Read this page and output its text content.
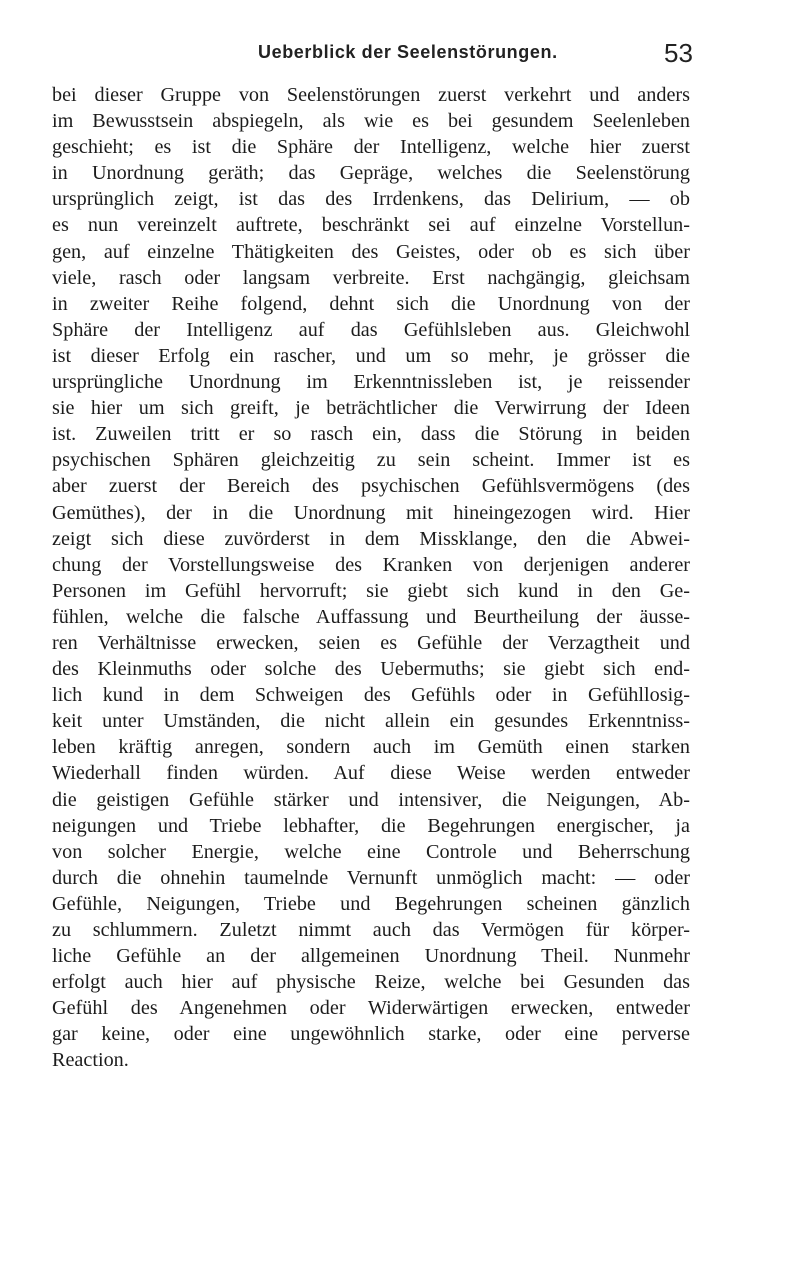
Ueberblick der Seelenstörungen.	53
bei dieser Gruppe von Seelenstörungen zuerst verkehrt und anders
im Bewusstsein abspiegeln, als wie es bei gesundem Seelenleben
geschieht; es ist die Sphäre der Intelligenz, welche hier zuerst
in Unordnung geräth; das Gepräge, welches die Seelenstörung
ursprünglich zeigt, ist das des Irrdenkens, das Delirium, — ob
es nun vereinzelt auftrete, beschränkt sei auf einzelne Vorstellun-
gen, auf einzelne Thätigkeiten des Geistes, oder ob es sich über
viele, rasch oder langsam verbreite. Erst nachgängig, gleichsam
in zweiter Reihe folgend, dehnt sich die Unordnung von der
Sphäre der Intelligenz auf das Gefühlsleben aus. Gleichwohl
ist dieser Erfolg ein rascher, und um so mehr, je grösser die
ursprüngliche Unordnung im Erkenntnissleben ist, je reissender
sie hier um sich greift, je beträchtlicher die Verwirrung der Ideen
ist. Zuweilen tritt er so rasch ein, dass die Störung in beiden
psychischen Sphären gleichzeitig zu sein scheint. Immer ist es
aber zuerst der Bereich des psychischen Gefühlsvermögens (des
Gemüthes), der in die Unordnung mit hineingezogen wird. Hier
zeigt sich diese zuvörderst in dem Missklange, den die Abwei-
chung der Vorstellungsweise des Kranken von derjenigen anderer
Personen im Gefühl hervorruft; sie giebt sich kund in den Ge-
fühlen, welche die falsche Auffassung und Beurtheilung der äusse-
ren Verhältnisse erwecken, seien es Gefühle der Verzagtheit und
des Kleinmuths oder solche des Uebermuths; sie giebt sich end-
lich kund in dem Schweigen des Gefühls oder in Gefühllosig-
keit unter Umständen, die nicht allein ein gesundes Erkenntniss-
leben kräftig anregen, sondern auch im Gemüth einen starken
Wiederhall finden würden. Auf diese Weise werden entweder
die geistigen Gefühle stärker und intensiver, die Neigungen, Ab-
neigungen und Triebe lebhafter, die Begehrungen energischer, ja
von solcher Energie, welche eine Controle und Beherrschung
durch die ohnehin taumelnde Vernunft unmöglich macht: — oder
Gefühle, Neigungen, Triebe und Begehrungen scheinen gänzlich
zu schlummern. Zuletzt nimmt auch das Vermögen für körper-
liche Gefühle an der allgemeinen Unordnung Theil. Nunmehr
erfolgt auch hier auf physische Reize, welche bei Gesunden das
Gefühl des Angenehmen oder Widerwärtigen erwecken, entweder
gar keine, oder eine ungewöhnlich starke, oder eine perverse
Reaction.
